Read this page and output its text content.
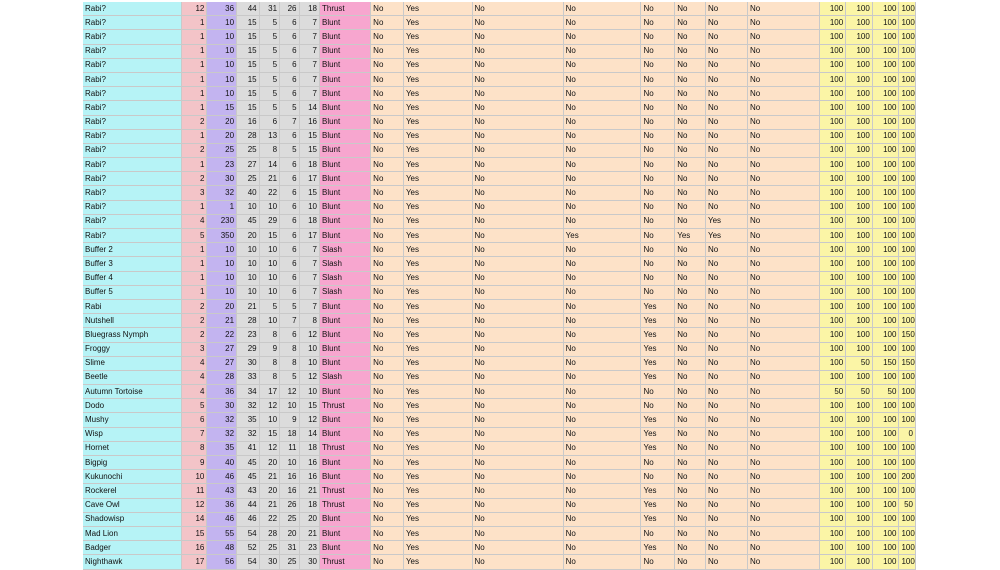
Rabi?	12	36	44	31	26	18	Thrust	No	Yes	No	No	No	No	No	No	100	100	100	100
Rabi?	1	10	15	5	6	7	Blunt	No	Yes	No	No	No	No	No	No	100	100	100	100
Rabi?	1	10	15	5	6	7	Blunt	No	Yes	No	No	No	No	No	No	100	100	100	100
Rabi?	1	10	15	5	6	7	Blunt	No	Yes	No	No	No	No	No	No	100	100	100	100
Rabi?	1	10	15	5	6	7	Blunt	No	Yes	No	No	No	No	No	No	100	100	100	100
Rabi?	1	10	15	5	6	7	Blunt	No	Yes	No	No	No	No	No	No	100	100	100	100
Rabi?	1	10	15	5	6	7	Blunt	No	Yes	No	No	No	No	No	No	100	100	100	100
Rabi?	1	15	15	5	5	14	Blunt	No	Yes	No	No	No	No	No	No	100	100	100	100
Rabi?	2	20	16	6	7	16	Blunt	No	Yes	No	No	No	No	No	No	100	100	100	100
Rabi?	1	20	28	13	6	15	Blunt	No	Yes	No	No	No	No	No	No	100	100	100	100
Rabi?	2	25	25	8	5	15	Blunt	No	Yes	No	No	No	No	No	No	100	100	100	100
Rabi?	1	23	27	14	6	18	Blunt	No	Yes	No	No	No	No	No	No	100	100	100	100
Rabi?	2	30	25	21	6	17	Blunt	No	Yes	No	No	No	No	No	No	100	100	100	100
Rabi?	3	32	40	22	6	15	Blunt	No	Yes	No	No	No	No	No	No	100	100	100	100
Rabi?	1	1	10	10	6	10	Blunt	No	Yes	No	No	No	No	No	No	100	100	100	100
Rabi?	4	230	45	29	6	18	Blunt	No	Yes	No	No	No	No	Yes	No	100	100	100	100
Rabi?	5	350	20	15	6	17	Blunt	No	Yes	No	Yes	No	Yes	Yes	No	100	100	100	100
Buffer 2	1	10	10	10	6	7	Slash	No	Yes	No	No	No	No	No	No	100	100	100	100
Buffer 3	1	10	10	10	6	7	Slash	No	Yes	No	No	No	No	No	No	100	100	100	100
Buffer 4	1	10	10	10	6	7	Slash	No	Yes	No	No	No	No	No	No	100	100	100	100
Buffer 5	1	10	10	10	6	7	Slash	No	Yes	No	No	No	No	No	No	100	100	100	100
Rabi	2	20	21	5	5	7	Blunt	No	Yes	No	No	Yes	No	No	No	100	100	100	100
Nutshell	2	21	28	10	7	8	Blunt	No	Yes	No	No	Yes	No	No	No	100	100	100	100
Bluegrass Nymph	2	22	23	8	6	12	Blunt	No	Yes	No	No	Yes	No	No	No	100	100	100	150
Froggy	3	27	29	9	8	10	Blunt	No	Yes	No	No	Yes	No	No	No	100	100	100	100
Slime	4	27	30	8	8	10	Blunt	No	Yes	No	No	Yes	No	No	No	100	50	150	150
Beetle	4	28	33	8	5	12	Slash	No	Yes	No	No	Yes	No	No	No	100	100	100	100
Autumn Tortoise	4	36	34	17	12	10	Blunt	No	Yes	No	No	No	No	No	No	50	50	50	100
Dodo	5	30	32	12	10	15	Thrust	No	Yes	No	No	No	No	No	No	100	100	100	100
Mushy	6	32	35	10	9	12	Blunt	No	Yes	No	No	Yes	No	No	No	100	100	100	100
Wisp	7	32	32	15	18	14	Blunt	No	Yes	No	No	Yes	No	No	No	100	100	100	0
Hornet	8	35	41	12	11	18	Thrust	No	Yes	No	No	Yes	No	No	No	100	100	100	100
Bigpig	9	40	45	20	10	16	Blunt	No	Yes	No	No	No	No	No	No	100	100	100	100
Kukunochi	10	46	45	21	16	16	Blunt	No	Yes	No	No	No	No	No	No	100	100	100	200
Rockerel	11	43	43	20	16	21	Thrust	No	Yes	No	No	Yes	No	No	No	100	100	100	100
Cave Owl	12	36	44	21	26	18	Thrust	No	Yes	No	No	Yes	No	No	No	100	100	100	50
Shadowisp	14	46	46	22	25	20	Blunt	No	Yes	No	No	Yes	No	No	No	100	100	100	100
Mad Lion	15	55	54	28	20	21	Blunt	No	Yes	No	No	No	No	No	No	100	100	100	100
Badger	16	48	52	25	31	23	Blunt	No	Yes	No	No	Yes	No	No	No	100	100	100	100
Nighthawk	17	56	54	30	25	30	Thrust	No	Yes	No	No	No	No	No	No	100	100	100	100
